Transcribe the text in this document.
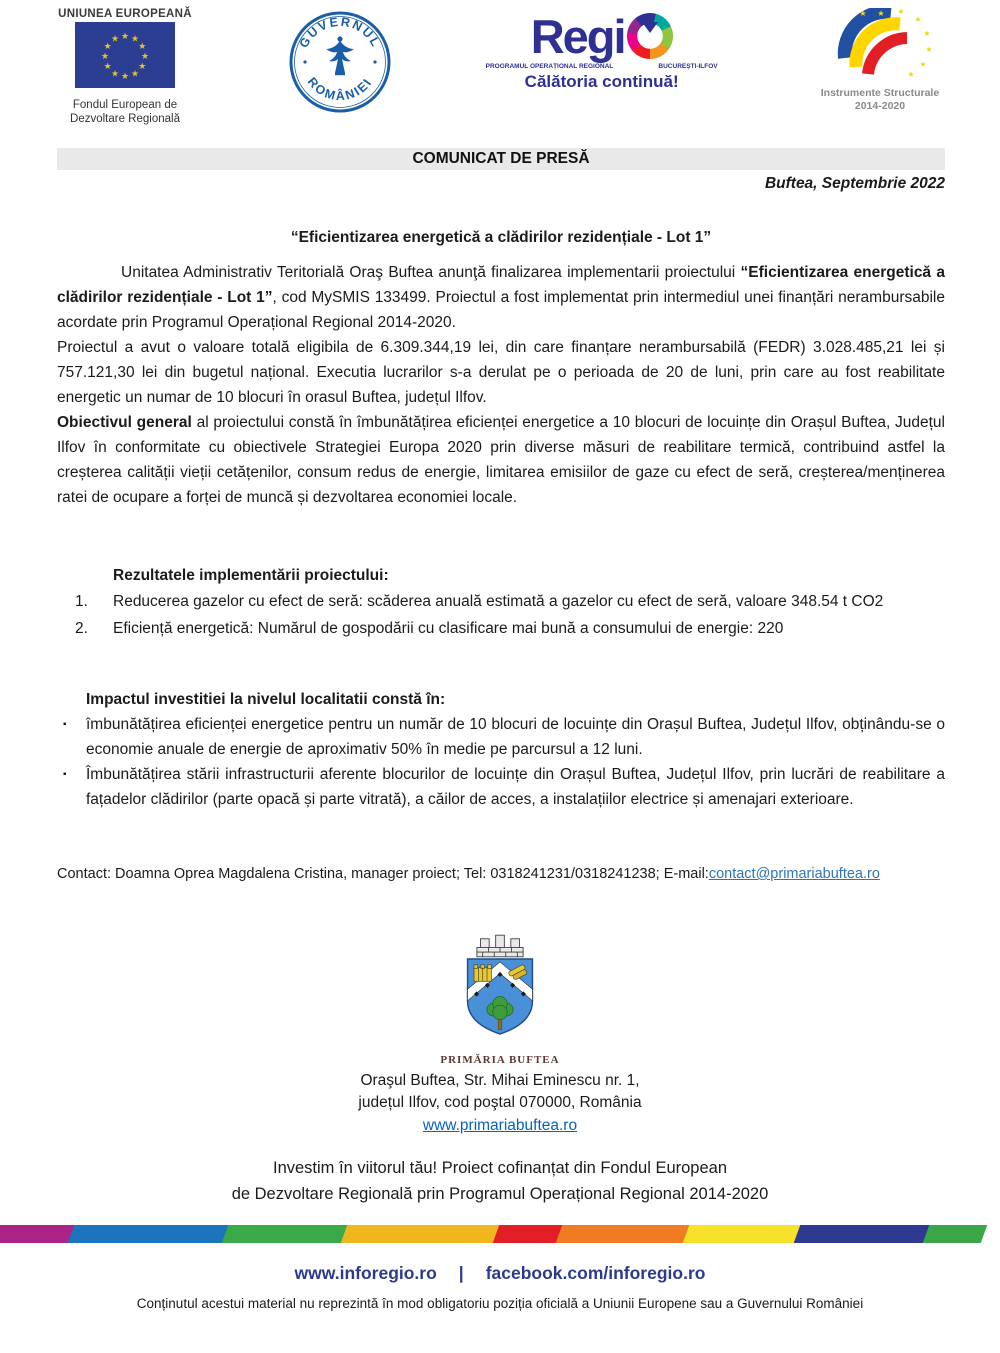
UNIUNEA EUROPEANĂ
★ ★
★
★
★
★
★
★
★
★
★
★
Fondul European de
Dezvoltare Regională
GUVERNUL
ROMÂNIEI
Regi
PROGRAMUL OPERAȚIONAL REGIONAL	BUCUREȘTI-ILFOV
Călătoria continuă!
★ ★
★
★
★
★
★
★
Instrumente Structurale
2014-2020
COMUNICAT DE PRESĂ
Buftea, Septembrie 2022
“Eficientizarea energetică a clădirilor rezidențiale - Lot 1”

Unitatea Administrativ Teritorială Oraş Buftea anunţă finalizarea implementarii proiectului “Eficientizarea energetică a clădirilor rezidențiale - Lot 1”, cod MySMIS 133499. Proiectul a fost implementat prin intermediul unei finanțări nerambursabile acordate prin Programul Operațional Regional 2014-2020.

Proiectul a avut o valoare totală eligibila de 6.309.344,19 lei, din care finanțare nerambursabilă (FEDR) 3.028.485,21 lei și 757.121,30 lei din bugetul național. Executia lucrarilor s-a derulat pe o perioada de 20 de luni, prin care au fost reabilitate energetic un numar de 10 blocuri în orasul Buftea, județul Ilfov.

Obiectivul general al proiectului constă în îmbunătățirea eficienței energetice a 10 blocuri de locuințe din Orașul Buftea, Județul Ilfov în conformitate cu obiectivele Strategiei Europa 2020 prin diverse măsuri de reabilitare termică, contribuind astfel la creșterea calității vieții cetățenilor, consum redus de energie, limitarea emisiilor de gaze cu efect de seră, creșterea/menținerea ratei de ocupare a forței de muncă și dezvoltarea economiei locale.

Rezultatele implementării proiectului:
1.	Reducerea gazelor cu efect de seră: scăderea anuală estimată a gazelor cu efect de seră, valoare 348.54 t CO2
2.	Eficiență energetică: Numărul de gospodării cu clasificare mai bună a consumului de energie: 220
Impactul investitiei la nivelul localitatii constă în:
▪	îmbunătățirea eficienței energetice pentru un număr de 10 blocuri de locuințe din Orașul Buftea, Județul Ilfov, obținându-se o economie anuale de energie de aproximativ 50% în medie pe parcursul a 12 luni.
▪	Îmbunătățirea stării infrastructurii aferente blocurilor de locuințe din Orașul Buftea, Județul Ilfov, prin lucrări de reabilitare a fațadelor clădirilor (parte opacă și parte vitrată), a căilor de acces, a instalațiilor electrice și amenajari exterioare.

Contact: Doamna Oprea Magdalena Cristina, manager proiect; Tel: 0318241231/0318241238; E-mail:contact@primariabuftea.ro

PRIMĂRIA BUFTEA
Oraşul Buftea, Str. Mihai Eminescu nr. 1,
județul Ilfov, cod poştal 070000, România
www.primariabuftea.ro
Investim în viitorul tău! Proiect cofinanțat din Fondul European
de Dezvoltare Regională prin Programul Operațional Regional 2014-2020
www.inforegio.ro | facebook.com/inforegio.ro
Conținutul acestui material nu reprezintă în mod obligatoriu poziția oficială a Uniunii Europene sau a Guvernului României
